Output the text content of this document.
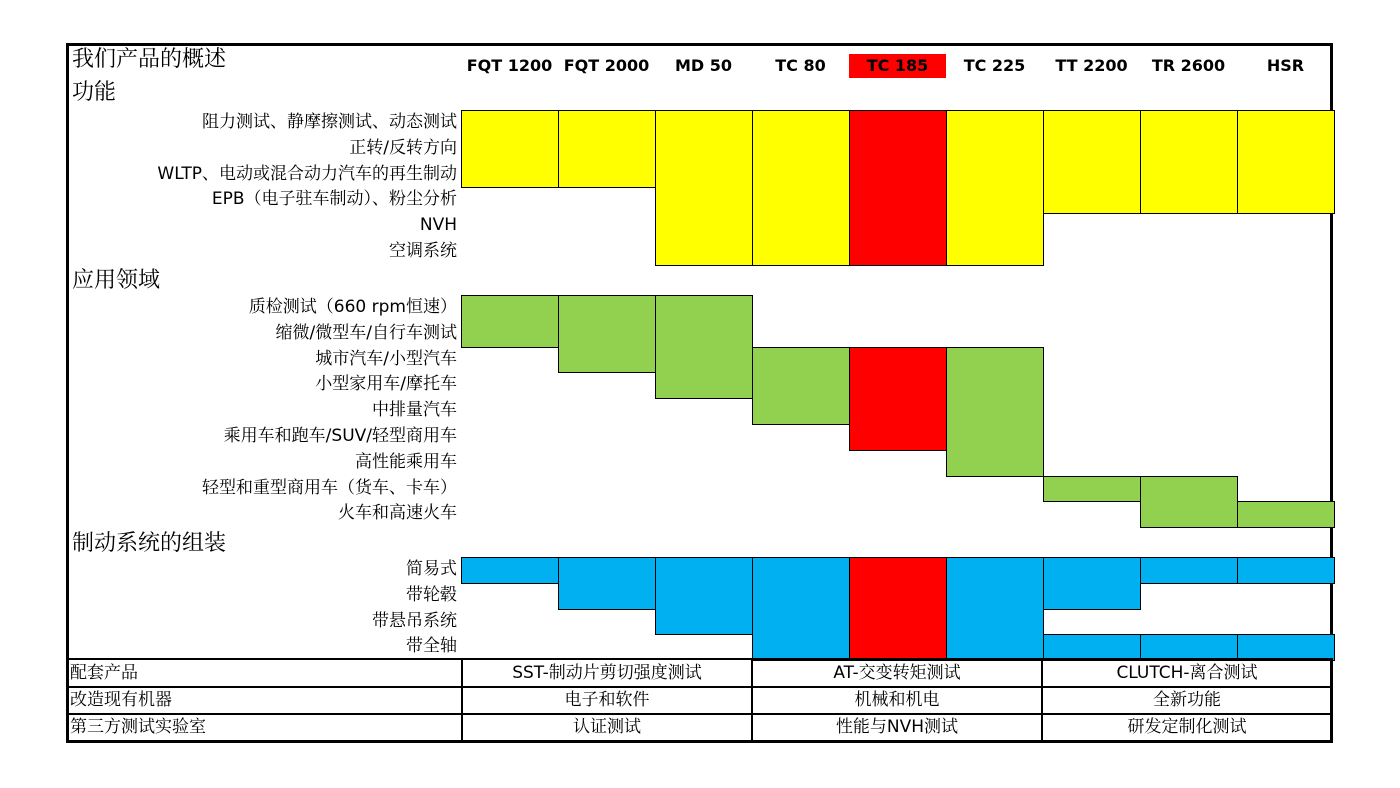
我们产品的概述	FQT 1200 FQT 2000	MD 50	TC 80	TC 185	TC 225	TT 2200	TR 2600	HSR
功能
应用领域
制动系统的组装
阻力测试、静摩擦测试、动态测试
正转/反转方向
WLTP、电动或混合动力汽车的再生制动
EPB（电子驻车制动）、粉尘分析
NVH
空调系统
质检测试（660 rpm恒速）
缩微/微型车/自行车测试
城市汽车/小型汽车
小型家用车/摩托车
中排量汽车
乘用车和跑车/SUV/轻型商用车
高性能乘用车
轻型和重型商用车（货车、卡车）
火车和高速火车
简易式
带轮毂
带悬吊系统
带全轴
配套产品	SST-制动片剪切强度测试	AT-交变转矩测试	CLUTCH-离合测试
改造现有机器	电子和软件	机械和机电	全新功能
第三方测试实验室	认证测试	性能与NVH测试	研发定制化测试
